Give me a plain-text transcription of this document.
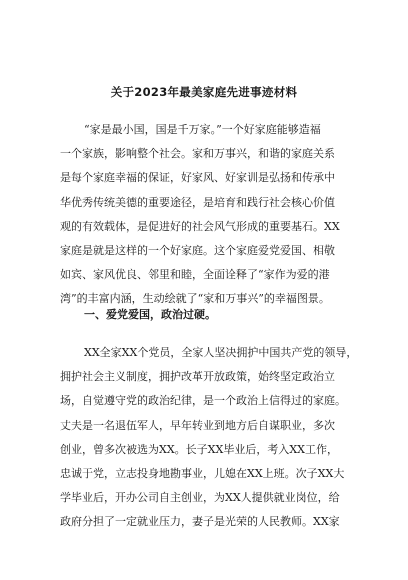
关于2023年最美家庭先进事迹材料
“家是最小国，国是千万家。”一个好家庭能够造福
一个家族，影响整个社会。家和万事兴，和谐的家庭关系
是每个家庭幸福的保证，好家风、好家训是弘扬和传承中
华优秀传统美德的重要途径，是培育和践行社会核心价值
观的有效载体，是促进好的社会风气形成的重要基石。XX
家庭是就是这样的一个好家庭。这个家庭爱党爱国、相敬
如宾、家风优良、邻里和睦，全面诠释了“家作为爱的港
湾”的丰富内涵，生动绘就了“家和万事兴”的幸福图景。
一、爱党爱国，政治过硬。
XX全家XX个党员，全家人坚决拥护中国共产党的领导，
拥护社会主义制度，拥护改革开放政策，始终坚定政治立
场，自觉遵守党的政治纪律，是一个政治上信得过的家庭。
丈夫是一名退伍军人，早年转业到地方后自谋职业，多次
创业，曾多次被选为XX。长子XX毕业后，考入XX工作，
忠诚于党，立志投身地勘事业，儿媳在XX上班。次子XX大
学毕业后，开办公司自主创业，为XX人提供就业岗位，给
政府分担了一定就业压力，妻子是光荣的人民教师。XX家
